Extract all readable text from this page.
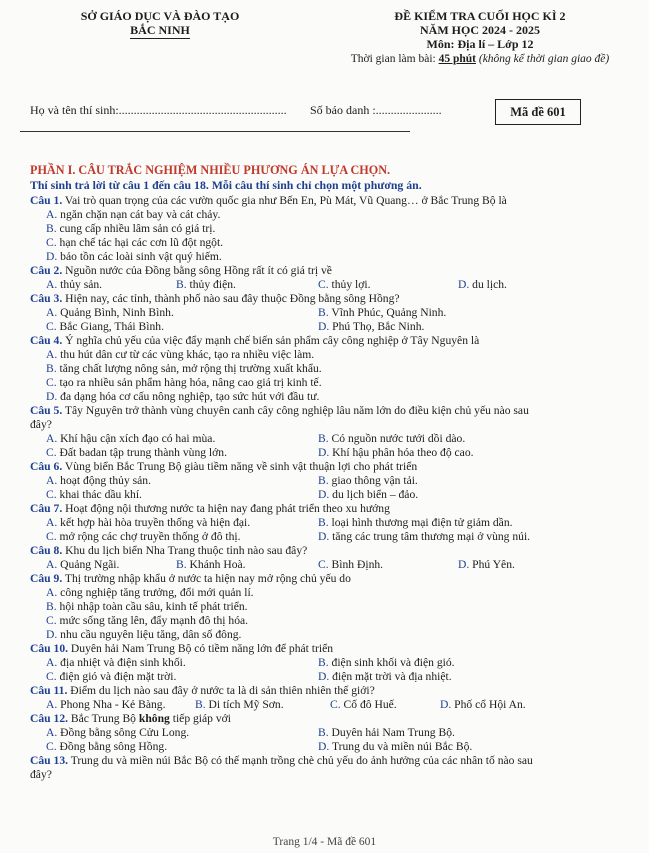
SỞ GIÁO DỤC VÀ ĐÀO TẠO
BẮC NINH
ĐỀ KIỂM TRA CUỐI HỌC KÌ 2
NĂM HỌC 2024 - 2025
Môn: Địa lí – Lớp 12
Thời gian làm bài: 45 phút (không kể thời gian giao đề)
Họ và tên thí sinh:........................................................ Số báo danh :......................	Mã đề 601
PHẦN I. CÂU TRẮC NGHIỆM NHIỀU PHƯƠNG ÁN LỰA CHỌN.
Thí sinh trả lời từ câu 1 đến câu 18. Mỗi câu thí sinh chỉ chọn một phương án.
Câu 1. Vai trò quan trọng của các vườn quốc gia như Bến En, Pù Mát, Vũ Quang… ở Bắc Trung Bộ là
A. ngăn chặn nạn cát bay và cát chảy.
B. cung cấp nhiều lâm sản có giá trị.
C. hạn chế tác hại các cơn lũ đột ngột.
D. bảo tồn các loài sinh vật quý hiếm.
Câu 2. Nguồn nước của Đồng bằng sông Hồng rất ít có giá trị về
A. thủy sản.	B. thủy điện.	C. thủy lợi.	D. du lịch.
Câu 3. Hiện nay, các tỉnh, thành phố nào sau đây thuộc Đồng bằng sông Hồng?
A. Quảng Bình, Ninh Bình.	B. Vĩnh Phúc, Quảng Ninh.
C. Bắc Giang, Thái Bình.	D. Phú Thọ, Bắc Ninh.
Câu 4. Ý nghĩa chủ yếu của việc đẩy mạnh chế biến sản phẩm cây công nghiệp ở Tây Nguyên là
A. thu hút dân cư từ các vùng khác, tạo ra nhiều việc làm.
B. tăng chất lượng nông sản, mở rộng thị trường xuất khẩu.
C. tạo ra nhiều sản phẩm hàng hóa, nâng cao giá trị kinh tế.
D. đa dạng hóa cơ cấu nông nghiệp, tạo sức hút với đầu tư.
Câu 5. Tây Nguyên trở thành vùng chuyên canh cây công nghiệp lâu năm lớn do điều kiện chủ yếu nào sau
đây?
A. Khí hậu cận xích đạo có hai mùa.	B. Có nguồn nước tưới dồi dào.
C. Đất badan tập trung thành vùng lớn.	D. Khí hậu phân hóa theo độ cao.
Câu 6. Vùng biển Bắc Trung Bộ giàu tiềm năng về sinh vật thuận lợi cho phát triển
A. hoạt động thủy sản.	B. giao thông vận tải.
C. khai thác dầu khí.	D. du lịch biển – đảo.
Câu 7. Hoạt động nội thương nước ta hiện nay đang phát triển theo xu hướng
A. kết hợp hài hòa truyền thống và hiện đại.	B. loại hình thương mại điện tử giảm dần.
C. mở rộng các chợ truyền thống ở đô thị.	D. tăng các trung tâm thương mại ở vùng núi.
Câu 8. Khu du lịch biển Nha Trang thuộc tỉnh nào sau đây?
A. Quảng Ngãi.	B. Khánh Hoà.	C. Bình Định.	D. Phú Yên.
Câu 9. Thị trường nhập khẩu ở nước ta hiện nay mở rộng chủ yếu do
A. công nghiệp tăng trưởng, đổi mới quản lí.
B. hội nhập toàn cầu sâu, kinh tế phát triển.
C. mức sống tăng lên, đẩy mạnh đô thị hóa.
D. nhu cầu nguyên liệu tăng, dân số đông.
Câu 10. Duyên hải Nam Trung Bộ có tiềm năng lớn để phát triển
A. địa nhiệt và điện sinh khối.	B. điện sinh khối và điện gió.
C. điện gió và điện mặt trời.	D. điện mặt trời và địa nhiệt.
Câu 11. Điểm du lịch nào sau đây ở nước ta là di sản thiên nhiên thế giới?
A. Phong Nha - Kẻ Bàng.	B. Di tích Mỹ Sơn.	C. Cố đô Huế.	D. Phố cổ Hội An.
Câu 12. Bắc Trung Bộ không tiếp giáp với
A. Đồng bằng sông Cửu Long.	B. Duyên hải Nam Trung Bộ.
C. Đồng bằng sông Hồng.	D. Trung du và miền núi Bắc Bộ.
Câu 13. Trung du và miền núi Bắc Bộ có thế mạnh trồng chè chủ yếu do ảnh hưởng của các nhân tố nào sau
đây?
Trang 1/4 - Mã đề 601
